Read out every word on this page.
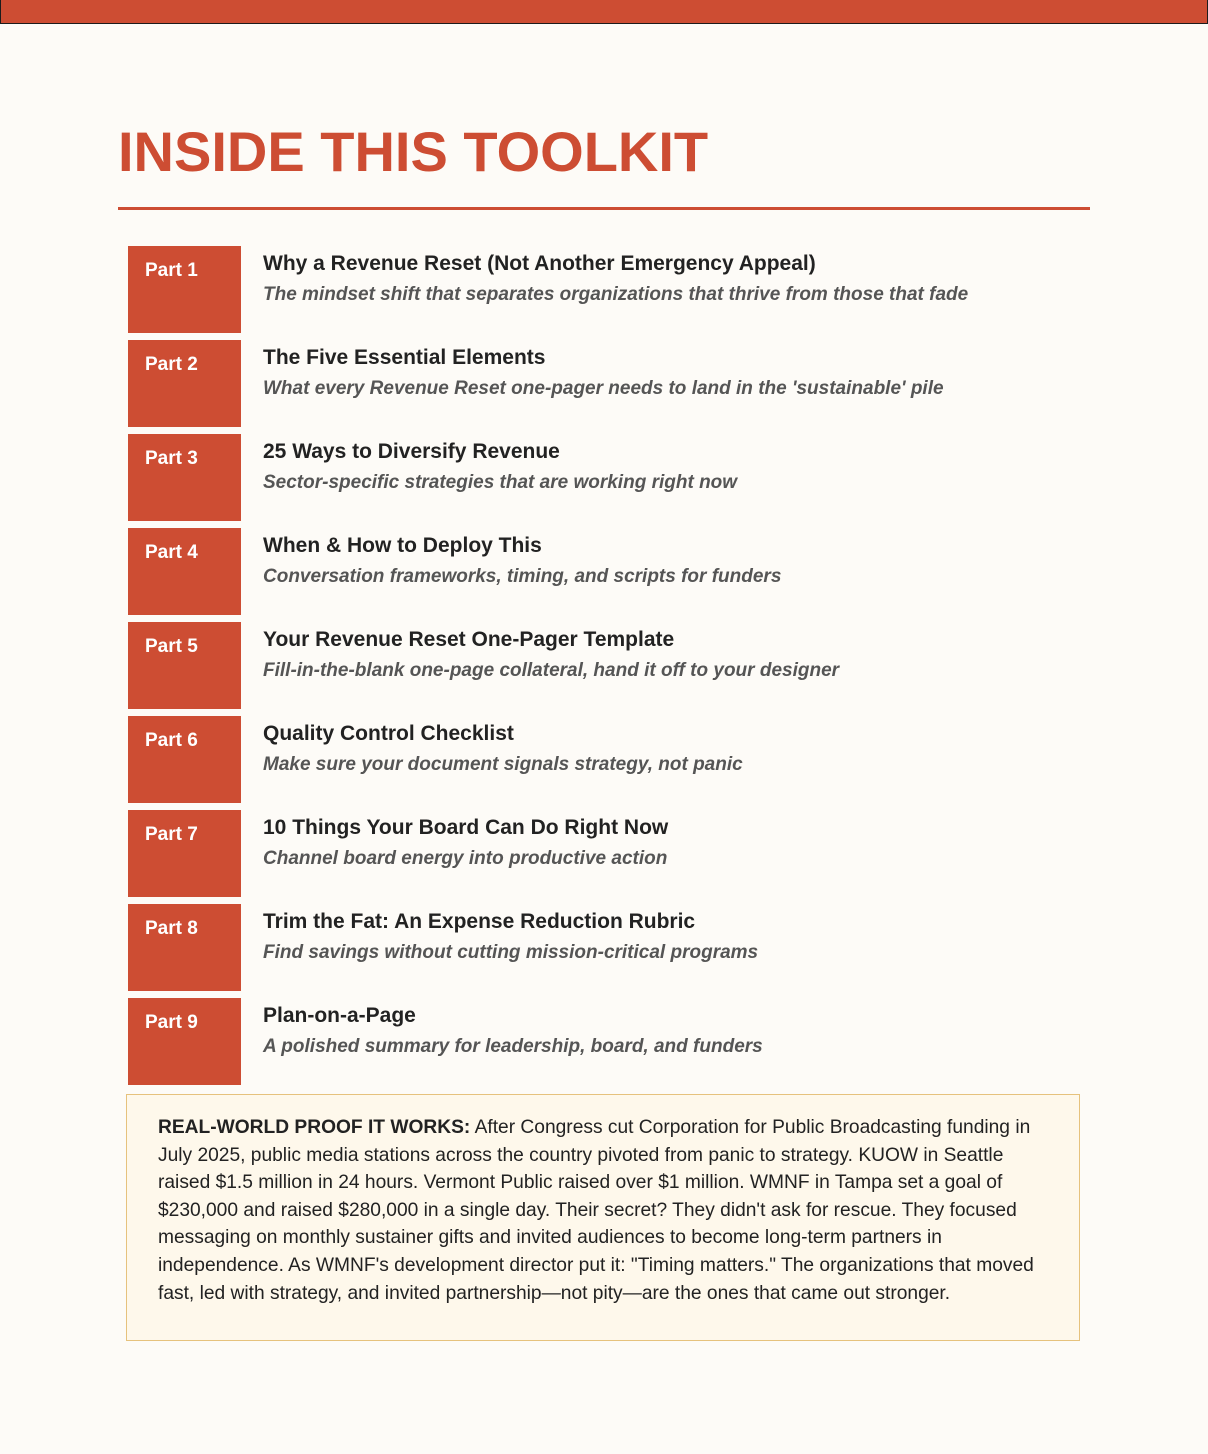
INSIDE THIS TOOLKIT
Part 1	Why a Revenue Reset (Not Another Emergency Appeal)
The mindset shift that separates organizations that thrive from those that fade
Part 2	The Five Essential Elements
What every Revenue Reset one-pager needs to land in the 'sustainable' pile
Part 3	25 Ways to Diversify Revenue
Sector-specific strategies that are working right now
Part 4	When & How to Deploy This
Conversation frameworks, timing, and scripts for funders
Part 5	Your Revenue Reset One-Pager Template
Fill-in-the-blank one-page collateral, hand it off to your designer
Part 6	Quality Control Checklist
Make sure your document signals strategy, not panic
Part 7	10 Things Your Board Can Do Right Now
Channel board energy into productive action
Part 8	Trim the Fat: An Expense Reduction Rubric
Find savings without cutting mission-critical programs
Part 9	Plan-on-a-Page
A polished summary for leadership, board, and funders

REAL-WORLD PROOF IT WORKS: After Congress cut Corporation for Public Broadcasting funding in July 2025, public media stations across the country pivoted from panic to strategy. KUOW in Seattle raised $1.5 million in 24 hours. Vermont Public raised over $1 million. WMNF in Tampa set a goal of $230,000 and raised $280,000 in a single day. Their secret? They didn't ask for rescue. They focused messaging on monthly sustainer gifts and invited audiences to become long-term partners in independence. As WMNF's development director put it: "Timing matters." The organizations that moved fast, led with strategy, and invited partnership—not pity—are the ones that came out stronger.
